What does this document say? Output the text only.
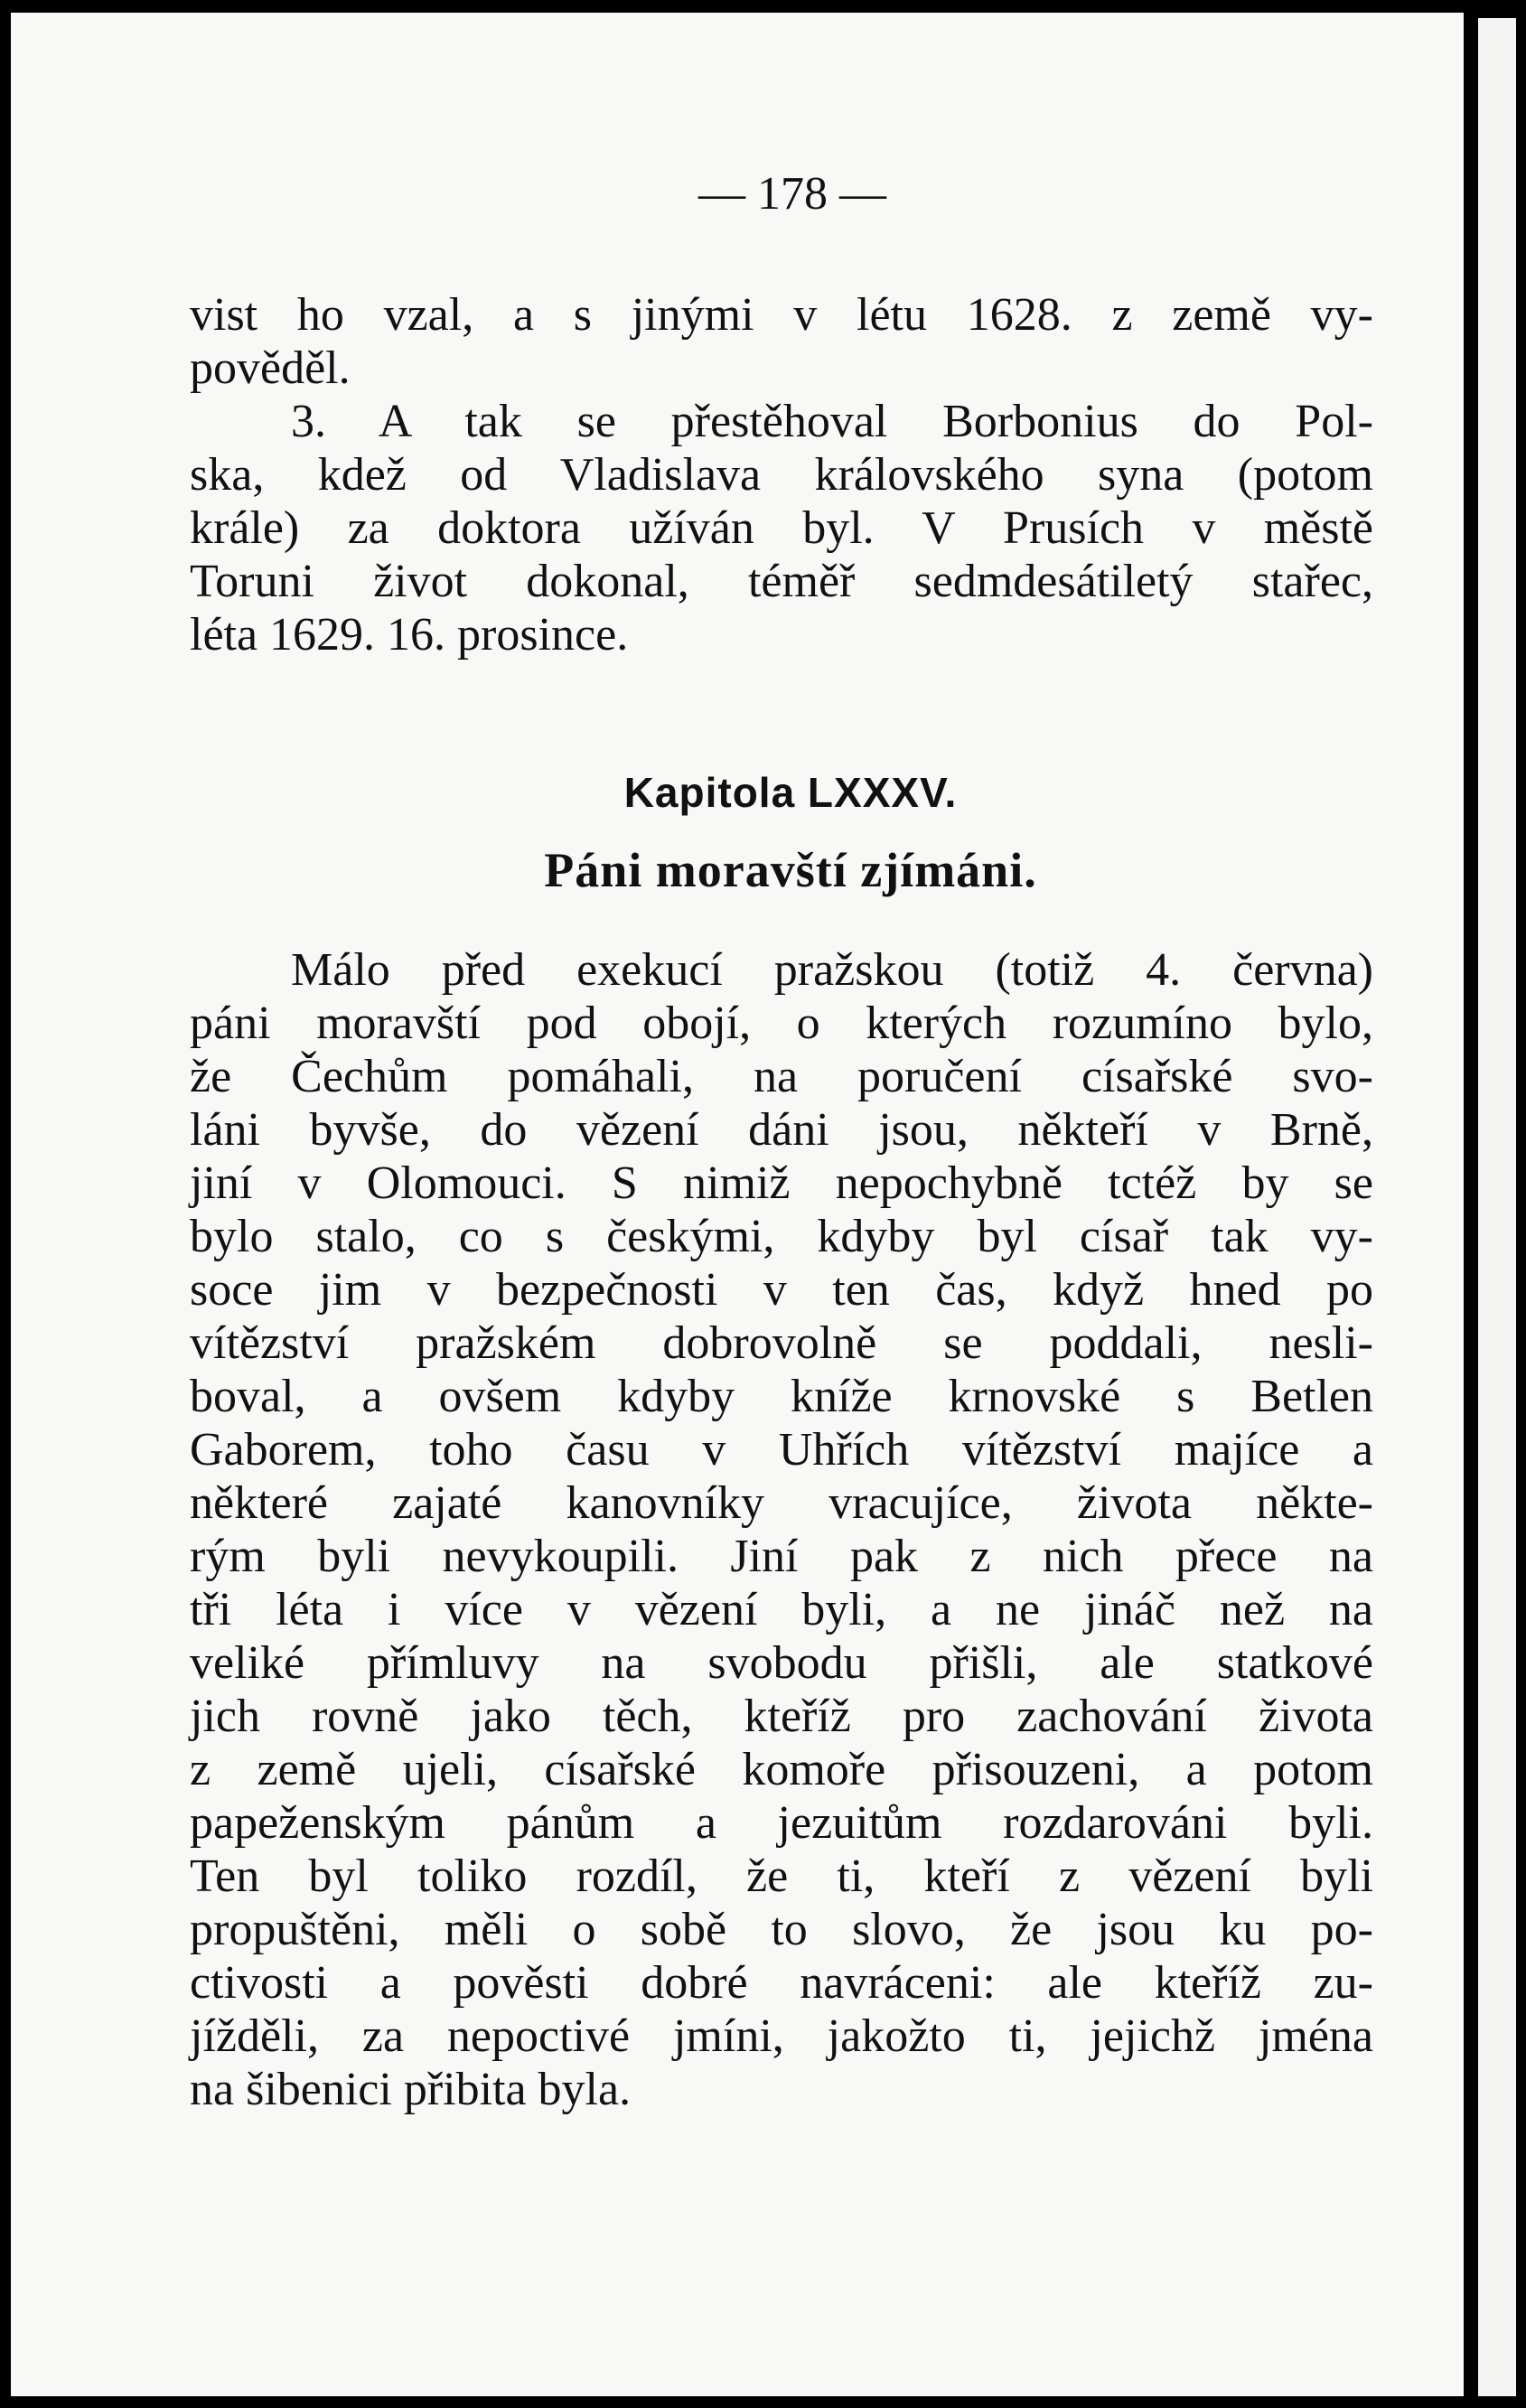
— 178 —

vist ho vzal, a s jinými v létu 1628. z země vy-

pověděl.

3. A tak se přestěhoval Borbonius do Pol-

ska, kdež od Vladislava královského syna (potom

krále) za doktora užíván byl. V Prusích v městě

Toruni život dokonal, téměř sedmdesátiletý stařec,

léta 1629. 16. prosince.

Kapitola LXXXV.
Páni moravští zjímáni.

Málo před exekucí pražskou (totiž 4. června)

páni moravští pod obojí, o kterých rozumíno bylo,

že Čechům pomáhali, na poručení císařské svo-

láni byvše, do vězení dáni jsou, někteří v Brně,

jiní v Olomouci. S nimiž nepochybně tctéž by se

bylo stalo, co s českými, kdyby byl císař tak vy-

soce jim v bezpečnosti v ten čas, když hned po

vítězství pražském dobrovolně se poddali, nesli-

boval, a ovšem kdyby kníže krnovské s Betlen

Gaborem, toho času v Uhřích vítězství majíce a

některé zajaté kanovníky vracujíce, života někte-

rým byli nevykoupili. Jiní pak z nich přece na

tři léta i více v vězení byli, a ne jináč než na

veliké přímluvy na svobodu přišli, ale statkové

jich rovně jako těch, kteříž pro zachování života

z země ujeli, císařské komoře přisouzeni, a potom

papeženským pánům a jezuitům rozdarováni byli.

Ten byl toliko rozdíl, že ti, kteří z vězení byli

propuštěni, měli o sobě to slovo, že jsou ku po-

ctivosti a pověsti dobré navráceni: ale kteříž zu-

jížděli, za nepoctivé jmíni, jakožto ti, jejichž jména

na šibenici přibita byla.
